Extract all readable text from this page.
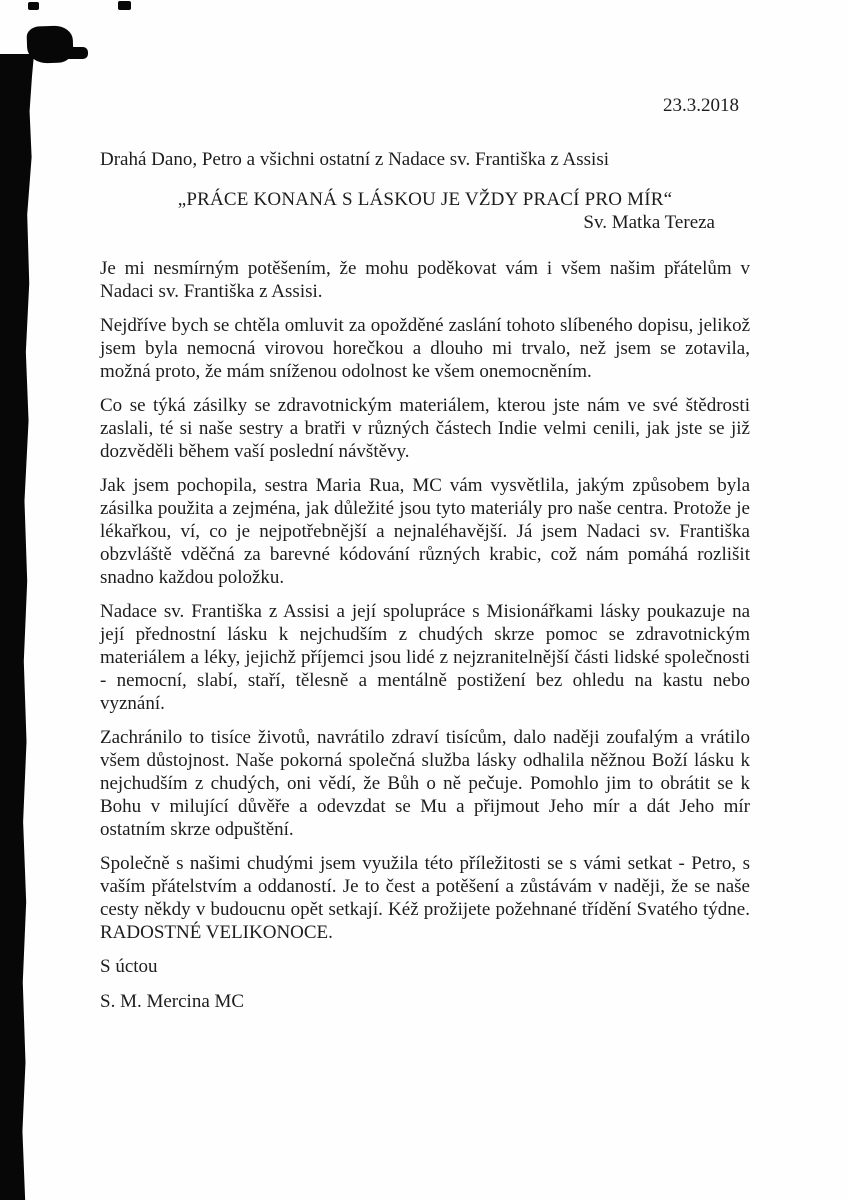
23.3.2018
Drahá Dano, Petro a všichni ostatní z Nadace sv. Františka z Assisi
„PRÁCE KONANÁ S LÁSKOU JE VŽDY PRACÍ PRO MÍR“
Sv. Matka Tereza

Je mi nesmírným potěšením, že mohu poděkovat vám i všem našim přátelům v Nadaci sv. Františka z Assisi.

Nejdříve bych se chtěla omluvit za opožděné zaslání tohoto slíbeného dopisu, jelikož jsem byla nemocná virovou horečkou a dlouho mi trvalo, než jsem se zotavila, možná proto, že mám sníženou odolnost ke všem onemocněním.

Co se týká zásilky se zdravotnickým materiálem, kterou jste nám ve své štědrosti zaslali, té si naše sestry a bratři v různých částech Indie velmi cenili, jak jste se již dozvěděli během vaší poslední návštěvy.

Jak jsem pochopila, sestra Maria Rua, MC vám vysvětlila, jakým způsobem byla zásilka použita a zejména, jak důležité jsou tyto materiály pro naše centra. Protože je lékařkou, ví, co je nejpotřebnější a nejnaléhavější. Já jsem Nadaci sv. Františka obzvláště vděčná za barevné kódování různých krabic, což nám pomáhá rozlišit snadno každou položku.

Nadace sv. Františka z Assisi a její spolupráce s Misionářkami lásky poukazuje na její přednostní lásku k nejchudším z chudých skrze pomoc se zdravotnickým materiálem a léky, jejichž příjemci jsou lidé z nejzranitelnější části lidské společnosti - nemocní, slabí, staří, tělesně a mentálně postižení bez ohledu na kastu nebo vyznání.

Zachránilo to tisíce životů, navrátilo zdraví tisícům, dalo naději zoufalým a vrátilo všem důstojnost. Naše pokorná společná služba lásky odhalila něžnou Boží lásku k nejchudším z chudých, oni vědí, že Bůh o ně pečuje. Pomohlo jim to obrátit se k Bohu v milující důvěře a odevzdat se Mu a přijmout Jeho mír a dát Jeho mír ostatním skrze odpuštění.

Společně s našimi chudými jsem využila této příležitosti se s vámi setkat - Petro, s vaším přátelstvím a oddaností. Je to čest a potěšení a zůstávám v naději, že se naše cesty někdy v budoucnu opět setkají. Kéž prožijete požehnané třídění Svatého týdne. RADOSTNÉ VELIKONOCE.

S úctou
S. M. Mercina MC
